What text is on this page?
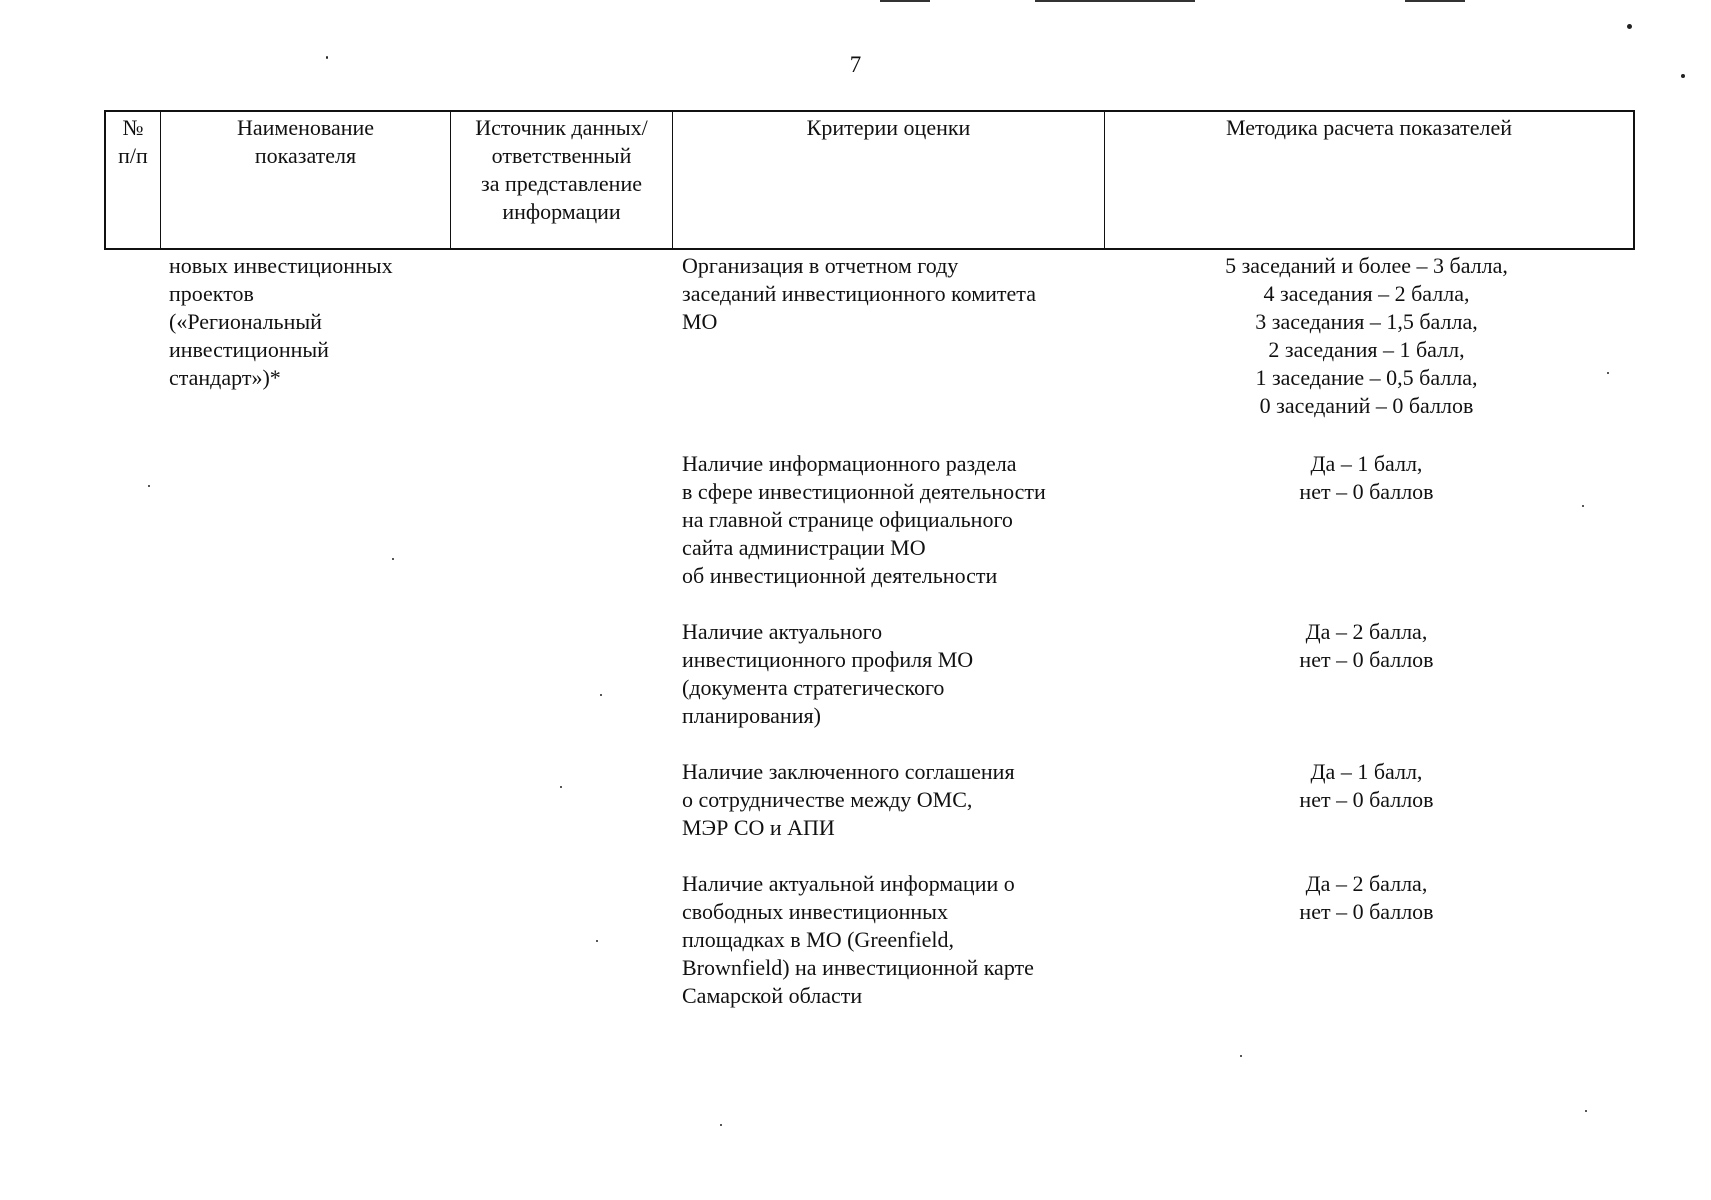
7
№
п/п
Наименование
показателя
Источник данных/
ответственный
за представление
информации
Критерии оценки	Методика расчета показателей
новых инвестиционных
проектов
(«Региональный
инвестиционный
стандарт»)*
Организация в отчетном году
заседаний инвестиционного комитета
МО
5 заседаний и более – 3 балла,
4 заседания – 2 балла,
3 заседания – 1,5 балла,
2 заседания – 1 балл,
1 заседание – 0,5 балла,
0 заседаний – 0 баллов
Наличие информационного раздела
в сфере инвестиционной деятельности
на главной странице официального
сайта администрации МО
об инвестиционной деятельности
Да – 1 балл,
нет – 0 баллов
Наличие актуального
инвестиционного профиля МО
(документа стратегического
планирования)
Да – 2 балла,
нет – 0 баллов
Наличие заключенного соглашения
о сотрудничестве между ОМС,
МЭР СО и АПИ
Да – 1 балл,
нет – 0 баллов
Наличие актуальной информации о
свободных инвестиционных
площадках в МО (Greenfield,
Brownfield) на инвестиционной карте
Самарской области
Да – 2 балла,
нет – 0 баллов
